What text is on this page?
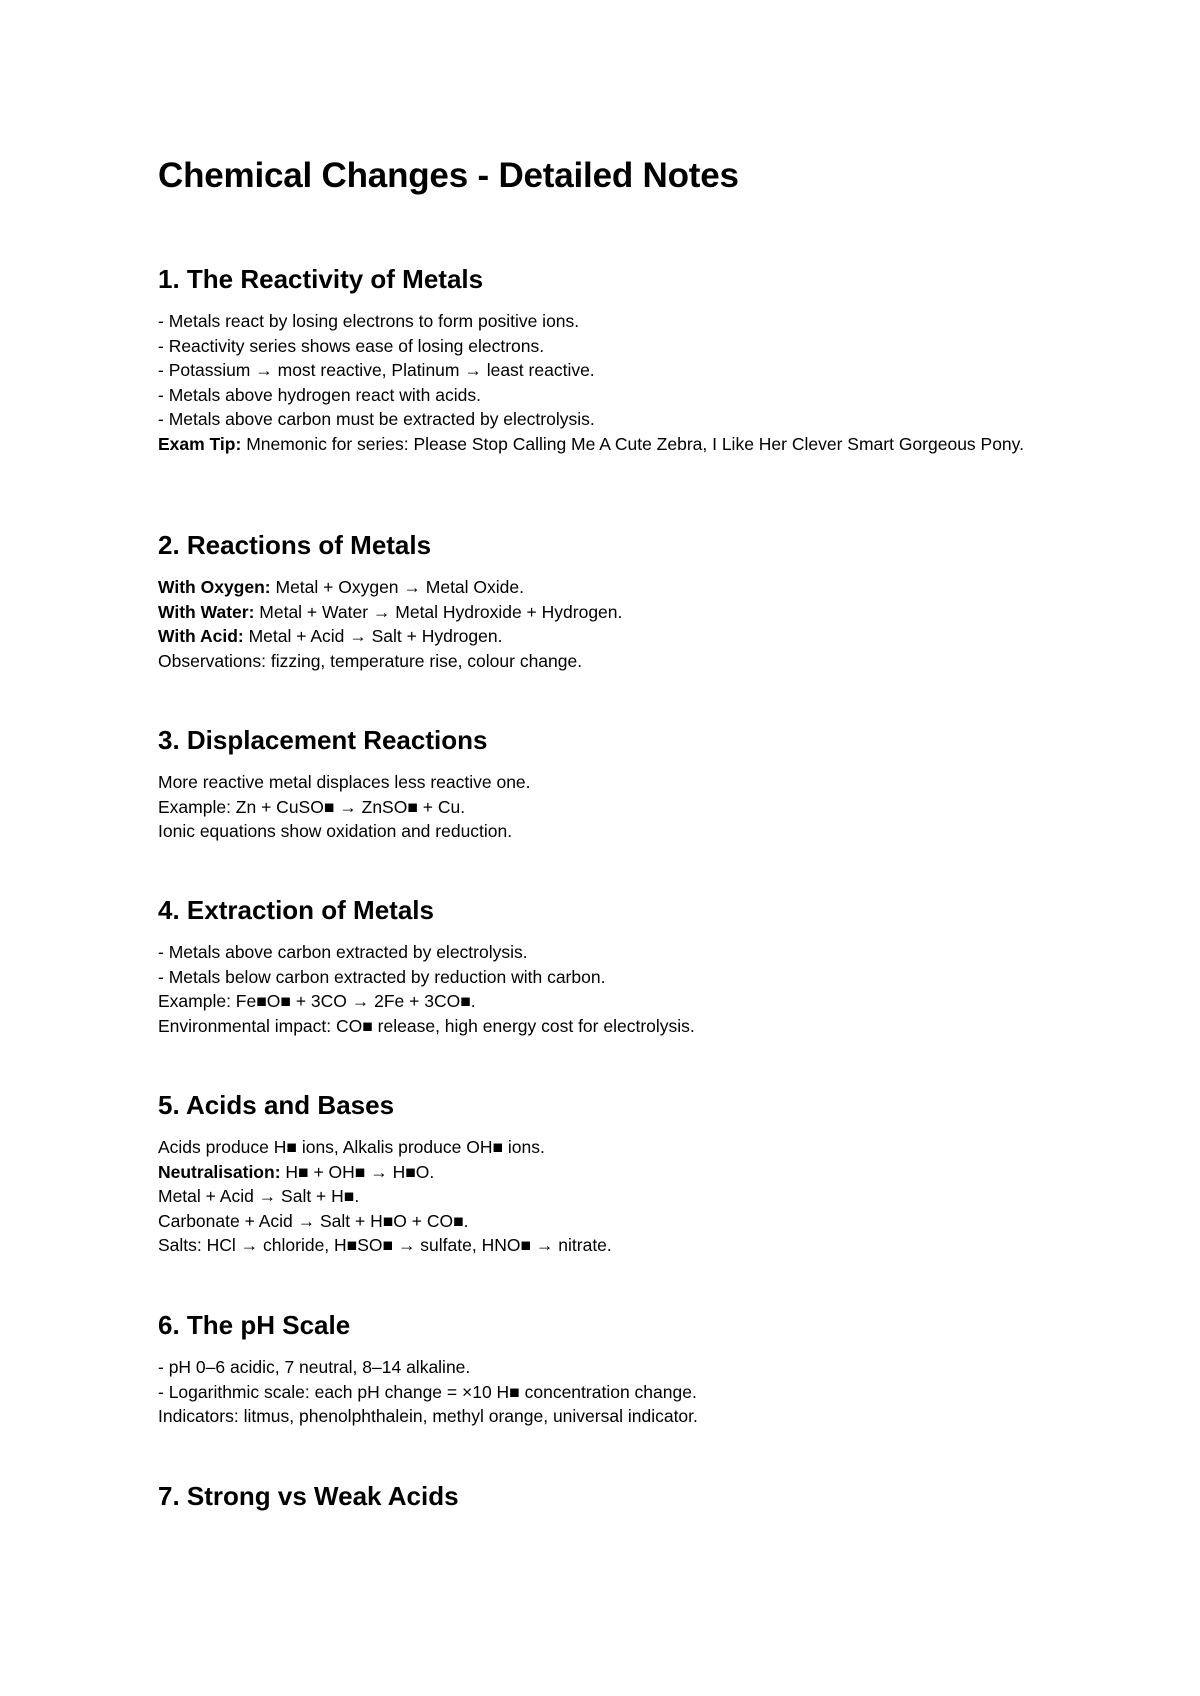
Chemical Changes - Detailed Notes
1. The Reactivity of Metals

- Metals react by losing electrons to form positive ions.

- Reactivity series shows ease of losing electrons.

- Potassium → most reactive, Platinum → least reactive.

- Metals above hydrogen react with acids.

- Metals above carbon must be extracted by electrolysis.

Exam Tip: Mnemonic for series: Please Stop Calling Me A Cute Zebra, I Like Her Clever Smart Gorgeous Pony.

2. Reactions of Metals

With Oxygen: Metal + Oxygen → Metal Oxide.

With Water: Metal + Water → Metal Hydroxide + Hydrogen.

With Acid: Metal + Acid → Salt + Hydrogen.

Observations: fizzing, temperature rise, colour change.

3. Displacement Reactions

More reactive metal displaces less reactive one.

Example: Zn + CuSO■ → ZnSO■ + Cu.

Ionic equations show oxidation and reduction.

4. Extraction of Metals

- Metals above carbon extracted by electrolysis.

- Metals below carbon extracted by reduction with carbon.

Example: Fe■O■ + 3CO → 2Fe + 3CO■.

Environmental impact: CO■ release, high energy cost for electrolysis.

5. Acids and Bases

Acids produce H■ ions, Alkalis produce OH■ ions.

Neutralisation: H■ + OH■ → H■O.

Metal + Acid → Salt + H■.

Carbonate + Acid → Salt + H■O + CO■.

Salts: HCl → chloride, H■SO■ → sulfate, HNO■ → nitrate.

6. The pH Scale

- pH 0–6 acidic, 7 neutral, 8–14 alkaline.

- Logarithmic scale: each pH change = ×10 H■ concentration change.

Indicators: litmus, phenolphthalein, methyl orange, universal indicator.

7. Strong vs Weak Acids
